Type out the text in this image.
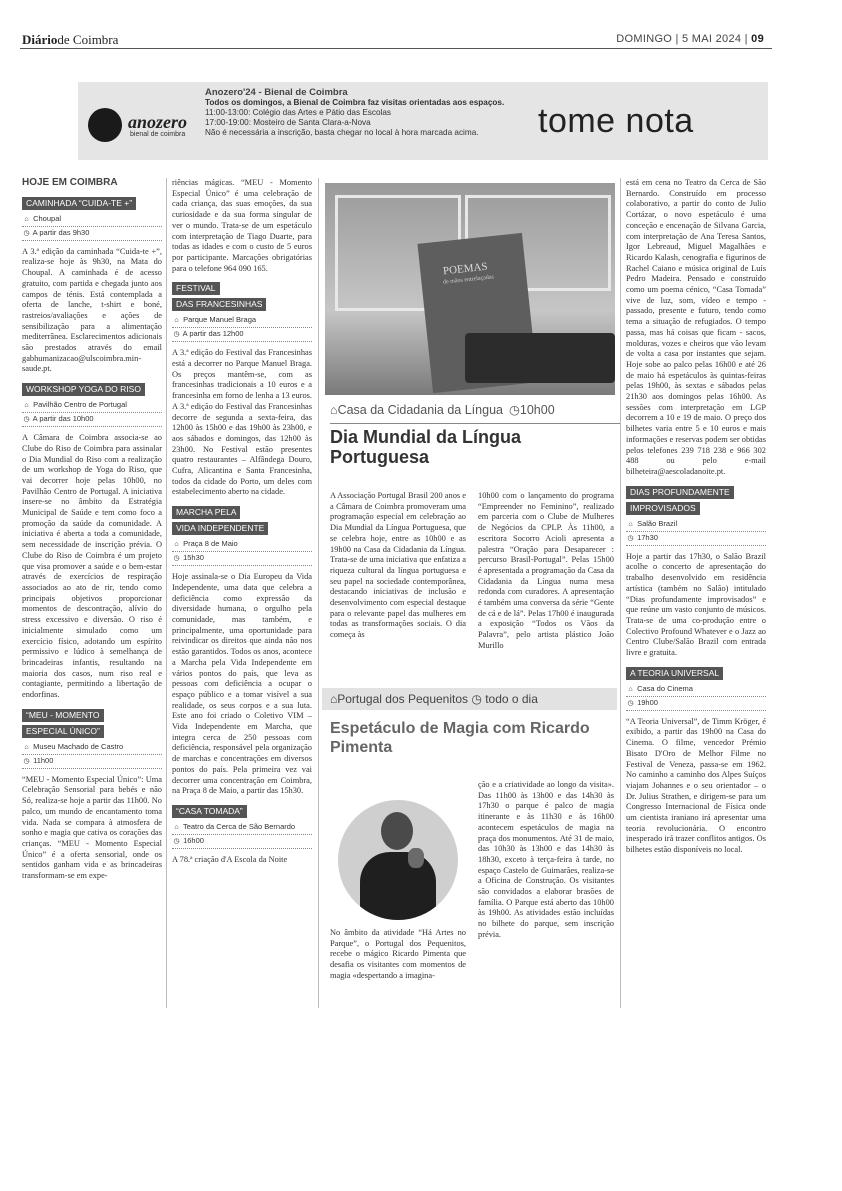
Diáriode Coimbra	DOMINGO | 5 MAI 2024 | 09
anozero
bienal de coimbra
Anozero'24 - Bienal de Coimbra
Todos os domingos, a Bienal de Coimbra faz visitas orientadas aos espaços.
11:00-13:00: Colégio das Artes e Pátio das Escolas
17:00-19:00: Mosteiro de Santa Clara-a-Nova
Não é necessária a inscrição, basta chegar no local à hora marcada acima.	tome nota
HOJE EM COIMBRA
CAMINHADA “CUIDA-TE +”
⌂ Choupal
◷ A partir das 9h30

A 3.ª edição da caminhada “Cuida-te +”, realiza-se hoje às 9h30, na Mata do Choupal. A caminhada é de acesso gratuito, com partida e chegada junto aos campos de ténis. Está contemplada a oferta de lanche, t-shirt e boné, rastreios/avaliações e ações de sensibilização para a alimentação mediterrânea. Esclarecimentos adicionais são prestados através do email gabhumanizacao@ulscoimbra.min-saude.pt.

WORKSHOP YOGA DO RISO
⌂ Pavilhão Centro de Portugal
◷ A partir das 10h00

A Câmara de Coimbra associa-se ao Clube do Riso de Coimbra para assinalar o Dia Mundial do Riso com a realização de um workshop de Yoga do Riso, que vai decorrer hoje pelas 10h00, no Pavilhão Centro de Portugal. A iniciativa insere-se no âmbito da Estratégia Municipal de Saúde e tem como foco a promoção da saúde da comunidade. A iniciativa é aberta a toda a comunidade, sem necessidade de inscrição prévia. O Clube do Riso de Coimbra é um projeto que visa promover a saúde e o bem-estar através de exercícios de respiração associados ao ato de rir, tendo como principais objetivos proporcionar momentos de descontração, alívio do stress excessivo e diversão. O riso é inicialmente simulado como um exercício físico, adotando um espírito permissivo e lúdico à semelhança de brincadeiras infantis, resultando na maioria dos casos, num riso real e contagiante, permitindo a libertação de endorfinas.

“MEU - MOMENTO
ESPECIAL ÚNICO”
⌂ Museu Machado de Castro
◷ 11h00

“MEU - Momento Especial Único”: Uma Celebração Sensorial para bebés e não Só, realiza-se hoje a partir das 11h00. No palco, um mundo de encantamento toma vida. Nada se compara à atmosfera de sonho e magia que cativa os corações das crianças. “MEU - Momento Especial Único” é a oferta sensorial, onde os sentidos ganham vida e as brincadeiras transformam-se em expe-

riências mágicas. “MEU - Momento Especial Único” é uma celebração de cada criança, das suas emoções, da sua curiosidade e da sua forma singular de ver o mundo. Trata-se de um espetáculo com interpretação de Tiago Duarte, para todas as idades e com o custo de 5 euros por participante. Marcações obrigatórias para o telefone 964 090 165.

FESTIVAL
DAS FRANCESINHAS
⌂ Parque Manuel Braga
◷ A partir das 12h00

A 3.ª edição do Festival das Francesinhas está a decorrer no Parque Manuel Braga. Os preços mantêm-se, com as francesinhas tradicionais a 10 euros e a francesinha em forno de lenha a 13 euros. A 3.ª edição do Festival das Francesinhas decorre de segunda a sexta-feira, das 12h00 às 15h00 e das 19h00 às 23h00, e aos sábados e domingos, das 12h00 às 23h00. No Festival estão presentes quatro restaurantes – Alfândega Douro, Cufra, Alicantina e Santa Francesinha, todos da cidade do Porto, um deles com estabelecimento aberto na cidade.

MARCHA PELA
VIDA INDEPENDENTE
⌂ Praça 8 de Maio
◷ 15h30

Hoje assinala-se o Dia Europeu da Vida Independente, uma data que celebra a deficiência como expressão da diversidade humana, o orgulho pela comunidade, mas também, e principalmente, uma oportunidade para reivindicar os direitos que ainda não nos estão garantidos. Todos os anos, acontece a Marcha pela Vida Independente em vários pontos do país, que leva as pessoas com deficiência a ocupar o espaço público e a tomar visível a sua realidade, os seus corpos e a sua luta. Este ano foi criado o Coletivo VIM – Vida Independente em Marcha, que integra cerca de 250 pessoas com deficiência, responsável pela organização de marchas e concentrações em diversos pontos do país. Pela primeira vez vai decorrer uma concentração em Coimbra, na Praça 8 de Maio, a partir das 15h30.

“CASA TOMADA”
⌂ Teatro da Cerca de São Bernardo
◷ 16h00

A 78.ª criação d'A Escola da Noite

POEMAS
de mãos entrelaçadas
⌂Casa da Cidadania da Língua ◷10h00
Dia Mundial da Língua Portuguesa

A Associação Portugal Brasil 200 anos e a Câmara de Coimbra promoveram uma programação especial em celebração ao Dia Mundial da Língua Portuguesa, que se celebra hoje, entre as 10h00 e as 19h00 na Casa da Cidadania da Língua. Trata-se de uma iniciativa que enfatiza a riqueza cultural da língua portuguesa e seu papel na sociedade contemporânea, destacando iniciativas de inclusão e desenvolvimento com especial destaque para o relevante papel das mulheres em todas as transformações sociais. O dia começa às

10h00 com o lançamento do programa “Empreender no Feminino”, realizado em parceria com o Clube de Mulheres de Negócios da CPLP. Às 11h00, a escritora Socorro Acioli apresenta a palestra “Oração para Desaparecer : percurso Brasil-Portugal”. Pelas 15h00 é apresentada a programação da Casa da Cidadania da Língua numa mesa redonda com curadores. A apresentação é também uma conversa da série “Gente de cá e de lá”. Pelas 17h00 é inaugurada a exposição “Todos os Vãos da Palavra”, pelo artista plástico João Murillo

⌂Portugal dos Pequenitos ◷ todo o dia
Espetáculo de Magia com Ricardo Pimenta

No âmbito da atividade “Há Artes no Parque”, o Portugal dos Pequenitos, recebe o mágico Ricardo Pimenta que desafia os visitantes com momentos de magia «despertando a imagina-

ção e a criatividade ao longo da visita». Das 11h00 às 13h00 e das 14h30 às 17h30 o parque é palco de magia itinerante e às 11h30 e às 16h00 acontecem espetáculos de magia na praça dos monumentos. Até 31 de maio, das 10h30 às 13h00 e das 14h30 às 18h30, exceto à terça-feira à tarde, no espaço Castelo de Guimarães, realiza-se a Oficina de Construção. Os visitantes são convidados a elaborar brasões de família. O Parque está aberto das 10h00 às 19h00. As atividades estão incluídas no bilhete do parque, sem inscrição prévia.

está em cena no Teatro da Cerca de São Bernardo. Construído em processo colaborativo, a partir do conto de Julio Cortázar, o novo espetáculo é uma conceção e encenação de Silvana Garcia, com interpretação de Ana Teresa Santos, Igor Lebreaud, Miguel Magalhães e Ricardo Kalash, cenografia e figurinos de Rachel Caiano e música original de Luís Pedro Madeira. Pensado e construído como um poema cénico, “Casa Tomada” vive de luz, som, vídeo e tempo - passado, presente e futuro, tendo como tema a situação de refugiados. O tempo passa, mas há coisas que ficam - sacos, molduras, vozes e cheiros que vão levam de volta a casa por instantes que sejam. Hoje sobe ao palco pelas 16h00 e até 26 de maio há espetáculos às quintas-feiras pelas 19h00, às sextas e sábados pelas 21h30 aos domingos pelas 16h00. As sessões com interpretação em LGP decorrem a 10 e 19 de maio. O preço dos bilhetes varia entre 5 e 10 euros e mais informações e reservas podem ser obtidas pelos telefones 239 718 238 e 966 302 488 ou pelo e-mail bilheteira@aescoladanoite.pt.

DIAS PROFUNDAMENTE
IMPROVISADOS
⌂ Salão Brazil
◷ 17h30

Hoje a partir das 17h30, o Salão Brazil acolhe o concerto de apresentação do trabalho desenvolvido em residência artística (também no Salão) intitulado “Dias profundamente improvisados” e que reúne um vasto conjunto de músicos. Trata-se de uma co-produção entre o Colectivo Profound Whatever e o Jazz ao Centro Clube/Salão Brazil com entrada livre e gratuita.

A TEORIA UNIVERSAL
⌂ Casa do Cinema
◷ 19h00

“A Teoria Universal”, de Timm Kröger, é exibido, a partir das 19h00 na Casa do Cinema. O filme, vencedor Prémio Bisato D'Oro de Melhor Filme no Festival de Veneza, passa-se em 1962. No caminho a caminho dos Alpes Suíços viajam Johannes e o seu orientador – o Dr. Julius Strathen, e dirigem-se para um Congresso Internacional de Física onde um cientista iraniano irá apresentar uma teoria revolucionária. O encontro inesperado irá trazer conflitos antigos. Os bilhetes estão disponíveis no local.
